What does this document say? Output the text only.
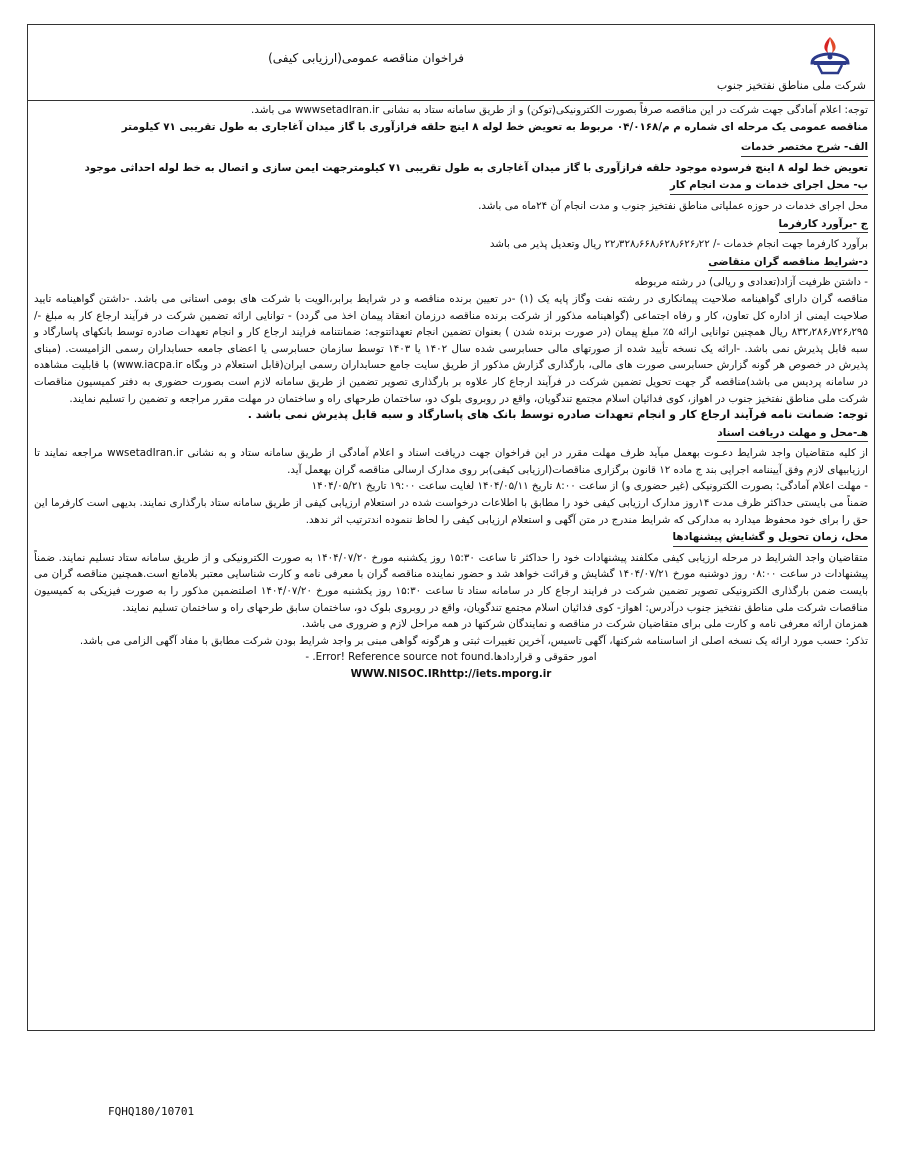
شرکت ملی مناطق نفتخیز جنوب
فراخوان مناقصه عمومی(ارزیابی کیفی)

توجه: اعلام آمادگی جهت شرکت در این مناقصه صرفاً بصورت الکترونیکی(توکن) و از طریق سامانه ستاد به نشانی wwwsetadIran.ir می باشد.

مناقصه عمومی یک مرحله ای شماره م م/۰۴/۰۱۶۸ مربوط به تعویض خط لوله ۸ اینچ حلقه فرازآوری با گاز میدان آغاجاری به طول تقریبی ۷۱ کیلومتر

الف- شرح مختصر خدمات

تعویض خط لوله ۸ اینچ فرسوده موجود حلقه فرازآوری با گاز میدان آغاجاری به طول تقریبی ۷۱ کیلومترجهت ایمن سازی و اتصال به خط لوله احداثی موجود

ب- محل اجرای خدمات و مدت انجام کار

محل اجرای خدمات در حوزه عملیاتی مناطق نفتخیز جنوب و مدت انجام آن ۲۴ماه می باشد.

ج -برآورد کارفرما

برآورد کارفرما جهت انجام خدمات -/ ۲۲٫۳۲۸٫۶۶۸٫۶۲۸٫۶۲۶٫۲۲ ریال وتعدیل پذیر می باشد

د-شرایط مناقصه گران متقاضی

- داشتن ظرفیت آزاد(تعدادی و ریالی) در رشته مربوطه

مناقصه گران دارای گواهینامه صلاحیت پیمانکاری در رشته نفت وگاز پایه یک (۱) -در تعیین برنده مناقصه و در شرایط برابر،الویت با شرکت های بومی استانی می باشد. -داشتن گواهینامه تایید صلاحیت ایمنی از اداره کل تعاون، کار و رفاه اجتماعی (گواهینامه مذکور از شرکت برنده مناقصه درزمان انعقاد پیمان اخذ می گردد) - توانایی ارائه تضمین شرکت در فرآیند ارجاع کار به مبلغ -/۸۳۲٫۲۸۶٫۷۲۶٫۲۹۵ ریال همچنین توانایی ارائه ۵٪ مبلغ پیمان (در صورت برنده شدن ) بعنوان تضمین انجام تعهداتتوجه: ضمانتنامه فرایند ارجاع کار و انجام تعهدات صادره توسط بانکهای پاسارگاد و سبه قابل پذیرش نمی باشد. -ارائه یک نسخه تأیید شده از صورتهای مالی حسابرسی شده سال ۱۴۰۲ یا ۱۴۰۳ توسط سازمان حسابرسی یا اعضای جامعه حسابداران رسمی الزامیست. (مبنای پذیرش در خصوص هر گونه گزارش حسابرسی صورت های مالی، بارگذاری گزارش مذکور از طریق سایت جامع حسابداران رسمی ایران(قابل استعلام در وبگاه www.iacpa.ir) با قابلیت مشاهده در سامانه پردیس می باشد)مناقصه گر جهت تحویل تضمین شرکت در فرآیند ارجاع کار علاوه بر بارگذاری تصویر تضمین از طریق سامانه لازم است بصورت حضوری به دفتر کمیسیون مناقصات شرکت ملی مناطق نفتخیز جنوب در اهواز، کوی فدائیان اسلام مجتمع تندگویان، واقع در روبروی بلوک دو، ساختمان طرحهای راه و ساختمان در مهلت مقرر مراجعه و تضمین را تسلیم نمایند.

توجه: ضمانت نامه فرآیند ارجاع کار و انجام تعهدات صادره توسط بانک های پاسارگاد و سبه قابل پذیرش نمی باشد .

هـ-محل و مهلت دریافت اسناد

از کلیه متقاضیان واجد شرایط دعـوت بهعمل میآید ظرف مهلت مقرر در این فراخوان جهت دریافت اسناد و اعلام آمادگی از طریق سامانه ستاد و به نشانی wwsetadIran.ir مراجعه نمایند تا ارزیابیهای لازم وفق آییننامه اجرایی بند ج ماده ۱۲ قانون برگزاری مناقصات(ارزیابی کیفی)بر روی مدارک ارسالی مناقصه گران بهعمل آید.

- مهلت اعلام آمادگی: بصورت الکترونیکی (غیر حضوری و) از ساعت ۸:۰۰ تاریخ ۱۴۰۴/۰۵/۱۱ لغایت ساعت ۱۹:۰۰ تاریخ ۱۴۰۴/۰۵/۲۱

ضمناً می بایستی حداکثر ظرف مدت ۱۴روز مدارک ارزیابی کیفی خود را مطابق با اطلاعات درخواست شده در استعلام ارزیابی کیفی از طریق سامانه ستاد بارگذاری نمایند. بدیهی است کارفرما این حق را برای خود محفوظ میدارد به مدارکی که شرایط مندرج در متن آگهی و استعلام ارزیابی کیفی را لحاظ ننموده اندترتیب اثر ندهد.

محل، زمان تحویل و گشایش پیشنهادها

متقاضیان واجد الشرایط در مرحله ارزیابی کیفی مکلفند پیشنهادات خود را حداکثر تا ساعت ۱۵:۳۰ روز یکشنبه مورخ ۱۴۰۴/۰۷/۲۰ به صورت الکترونیکی و از طریق سامانه ستاد تسلیم نمایند. ضمناً پیشنهادات در ساعت ۰۸:۰۰ روز دوشنبه مورخ ۱۴۰۴/۰۷/۲۱ گشایش و قرائت خواهد شد و حضور نماینده مناقصه گران با معرفی نامه و کارت شناسایی معتبر بلامانع است.همچنین مناقصه گران می بایست ضمن بارگذاری الکترونیکی تصویر تضمین شرکت در فرایند ارجاع کار در سامانه ستاد تا ساعت ۱۵:۳۰ روز یکشنبه مورخ ۱۴۰۴/۰۷/۲۰ اصلتضمین مذکور را به صورت فیزیکی به کمیسیون مناقصات شرکت ملی مناطق نفتخیز جنوب درآدرس: اهواز- کوی فدائیان اسلام مجتمع تندگویان، واقع در روبروی بلوک دو، ساختمان سابق طرحهای راه و ساختمان تسلیم نمایند.

همزمان ارائه معرفی نامه و کارت ملی برای متقاضیان شرکت در مناقصه و نمایندگان شرکتها در همه مراحل لازم و ضروری می باشد.

تذکر: حسب مورد ارائه یک نسخه اصلی از اساسنامه شرکتها، آگهی تاسیس، آخرین تغییرات ثبتی و هرگونه گواهی مبنی بر واجد شرایط بودن شرکت مطابق با مفاد آگهی الزامی می باشد.

امور حقوقی و قراردادها.Error! Reference source not found. -

WWW.NISOC.IRhttp://iets.mporg.ir

FQHQ180/10701
